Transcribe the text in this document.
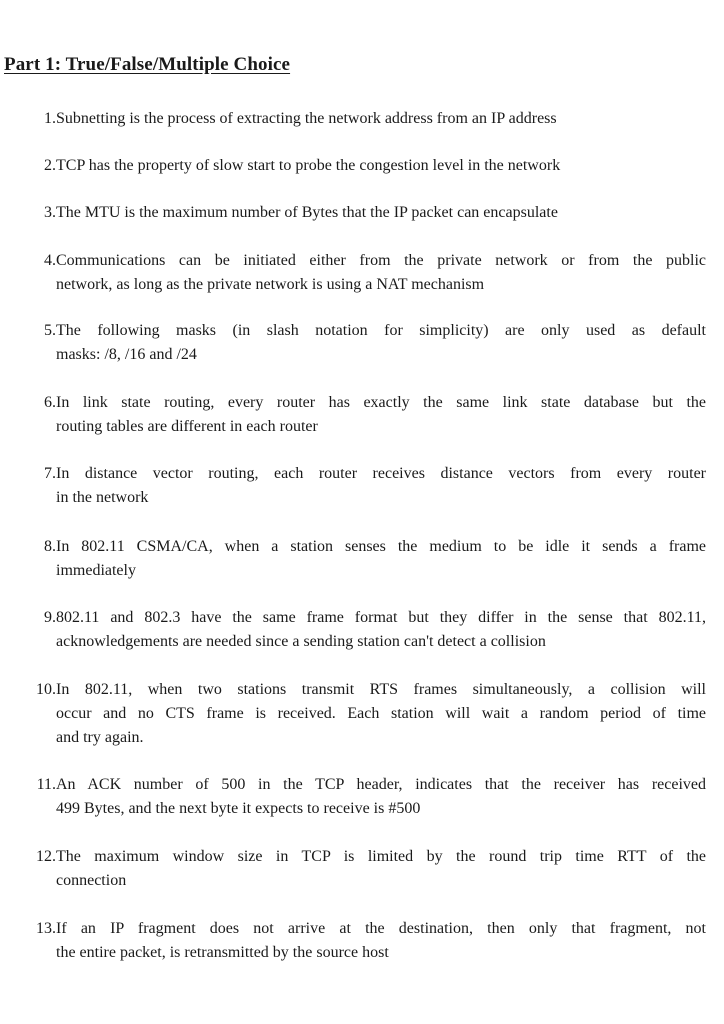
Part 1: True/False/Multiple Choice
1. Subnetting is the process of extracting the network address from an IP address
2. TCP has the property of slow start to probe the congestion level in the network
3. The MTU is the maximum number of Bytes that the IP packet can encapsulate
4. Communications can be initiated either from the private network or from the public
network, as long as the private network is using a NAT mechanism
5. The following masks (in slash notation for simplicity) are only used as default
masks: /8, /16 and /24
6. In link state routing, every router has exactly the same link state database but the
routing tables are different in each router
7. In distance vector routing, each router receives distance vectors from every router
in the network
8. In 802.11 CSMA/CA, when a station senses the medium to be idle it sends a frame
immediately
9. 802.11 and 802.3 have the same frame format but they differ in the sense that 802.11,
acknowledgements are needed since a sending station can't detect a collision
10. In 802.11, when two stations transmit RTS frames simultaneously, a collision will
occur and no CTS frame is received. Each station will wait a random period of time
and try again.
11. An ACK number of 500 in the TCP header, indicates that the receiver has received
499 Bytes, and the next byte it expects to receive is #500
12. The maximum window size in TCP is limited by the round trip time RTT of the
connection
13. If an IP fragment does not arrive at the destination, then only that fragment, not
the entire packet, is retransmitted by the source host
